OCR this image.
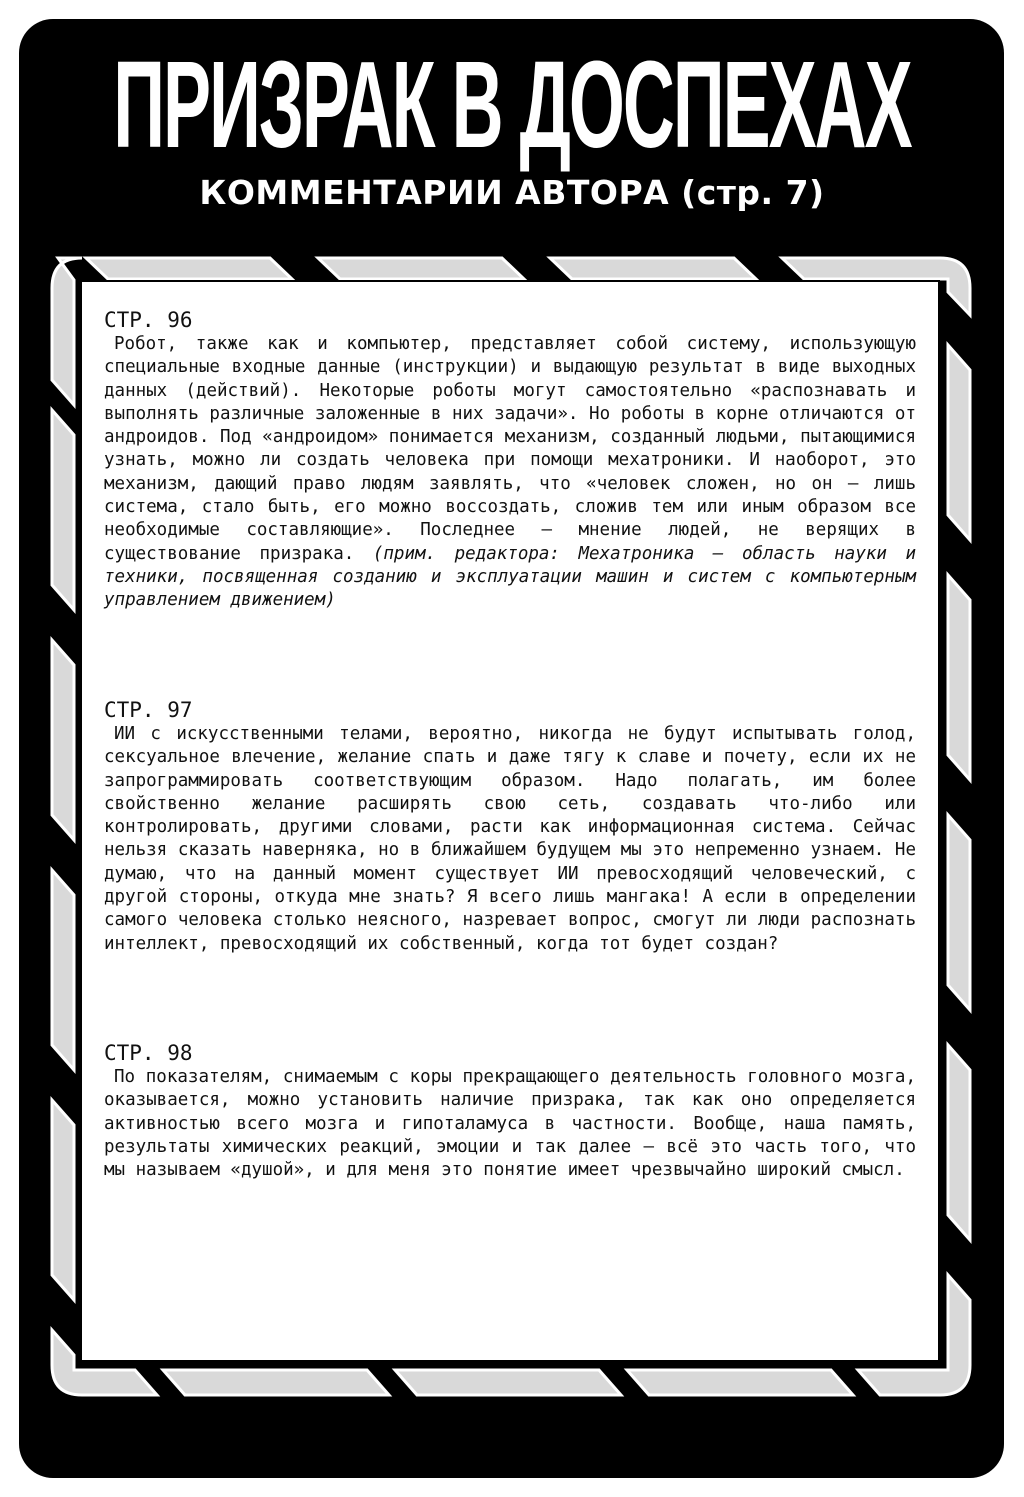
ПРИЗРАК В ДОСПЕХАХ
КОММЕНТАРИИ АВТОРА (стр. 7)

СТР. 96

Робот, также как и компьютер, представляет собой систему, использующую специальные входные данные (инструкции) и выдающую результат в виде выходных данных (действий). Некоторые роботы могут самостоятельно «распознавать и выполнять различные заложенные в них задачи». Но роботы в корне отличаются от андроидов. Под «андроидом» понимается механизм, созданный людьми, пытающимися узнать, можно ли создать человека при помощи мехатроники. И наоборот, это механизм, дающий право людям заявлять, что «человек сложен, но он – лишь система, стало быть, его можно воссоздать, сложив тем или иным образом все необходимые составляющие». Последнее – мнение людей, не верящих в существование призрака. (прим. редактора: Мехатроника – область науки и техники, посвященная созданию и эксплуатации машин и систем с компьютерным управлением движением)

СТР. 97

ИИ с искусственными телами, вероятно, никогда не будут испытывать голод, сексуальное влечение, желание спать и даже тягу к славе и почету, если их не запрограммировать соответствующим образом. Надо полагать, им более свойственно желание расширять свою сеть, создавать что-либо или контролировать, другими словами, расти как информационная система. Сейчас нельзя сказать наверняка, но в ближайшем будущем мы это непременно узнаем. Не думаю, что на данный момент существует ИИ превосходящий человеческий, с другой стороны, откуда мне знать? Я всего лишь мангака! А если в определении самого человека столько неясного, назревает вопрос, смогут ли люди распознать интеллект, превосходящий их собственный, когда тот будет создан?

СТР. 98

По показателям, снимаемым с коры прекращающего деятельность головного мозга, оказывается, можно установить наличие призрака, так как оно определяется активностью всего мозга и гипоталамуса в частности. Вообще, наша память, результаты химических реакций, эмоции и так далее – всё это часть того, что мы называем «душой», и для меня это понятие имеет чрезвычайно широкий смысл.
